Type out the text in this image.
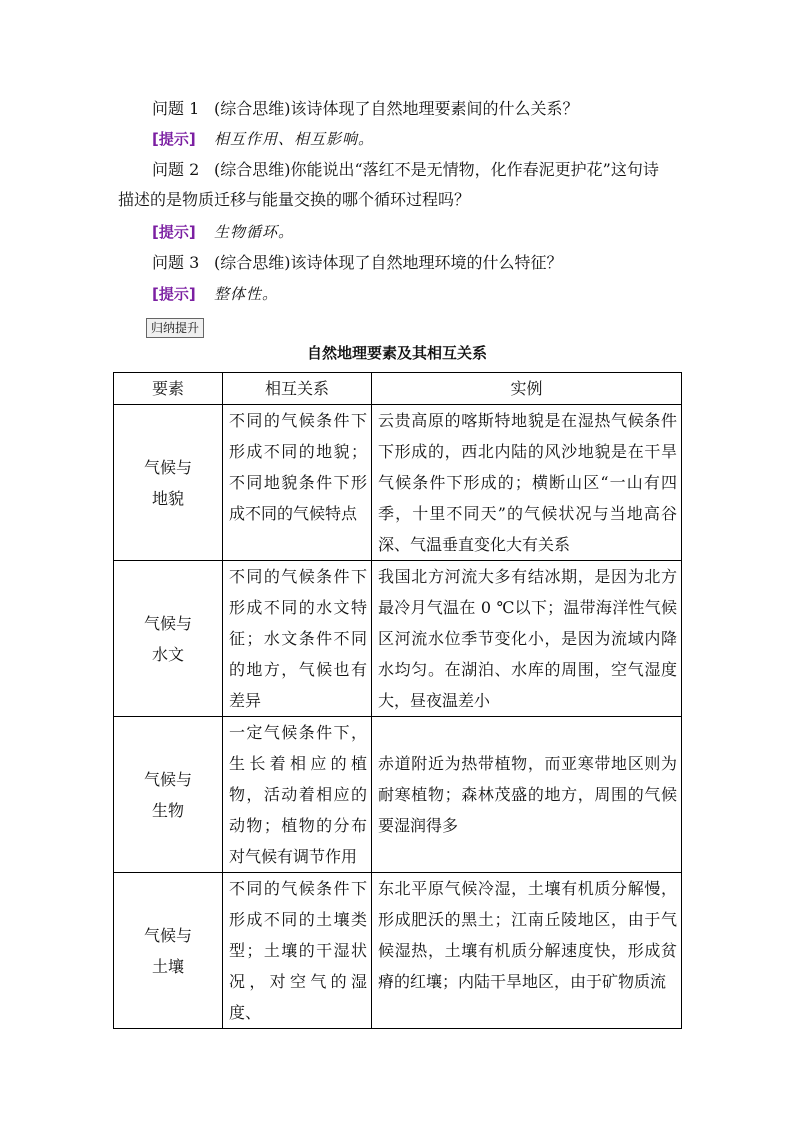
问题 1 (综合思维)该诗体现了自然地理要素间的什么关系？
[提示] 相互作用、相互影响。
问题 2 (综合思维)你能说出“落红不是无情物，化作春泥更护花”这句诗
描述的是物质迁移与能量交换的哪个循环过程吗？
[提示] 生物循环。
问题 3 (综合思维)该诗体现了自然地理环境的什么特征？
[提示] 整体性。
归纳提升
自然地理要素及其相互关系
要素	相互关系	实例
气候与
地貌	不同的气候条件下形成不同的地貌；不同地貌条件下形成不同的气候特点	云贵高原的喀斯特地貌是在湿热气候条件下形成的，西北内陆的风沙地貌是在干旱气候条件下形成的；横断山区“一山有四季，十里不同天”的气候状况与当地高谷深、气温垂直变化大有关系
气候与
水文	不同的气候条件下形成不同的水文特征；水文条件不同的地方，气候也有差异	我国北方河流大多有结冰期，是因为北方最冷月气温在 0 ℃以下；温带海洋性气候区河流水位季节变化小，是因为流域内降水均匀。在湖泊、水库的周围，空气湿度大，昼夜温差小
气候与
生物	一定气候条件下，生长着相应的植物，活动着相应的动物；植物的分布对气候有调节作用	赤道附近为热带植物，而亚寒带地区则为耐寒植物；森林茂盛的地方，周围的气候要湿润得多
气候与
土壤	不同的气候条件下形成不同的土壤类型；土壤的干湿状况，对空气的湿度、	东北平原气候冷湿，土壤有机质分解慢，形成肥沃的黑土；江南丘陵地区，由于气候湿热，土壤有机质分解速度快，形成贫瘠的红壤；内陆干旱地区，由于矿物质流
